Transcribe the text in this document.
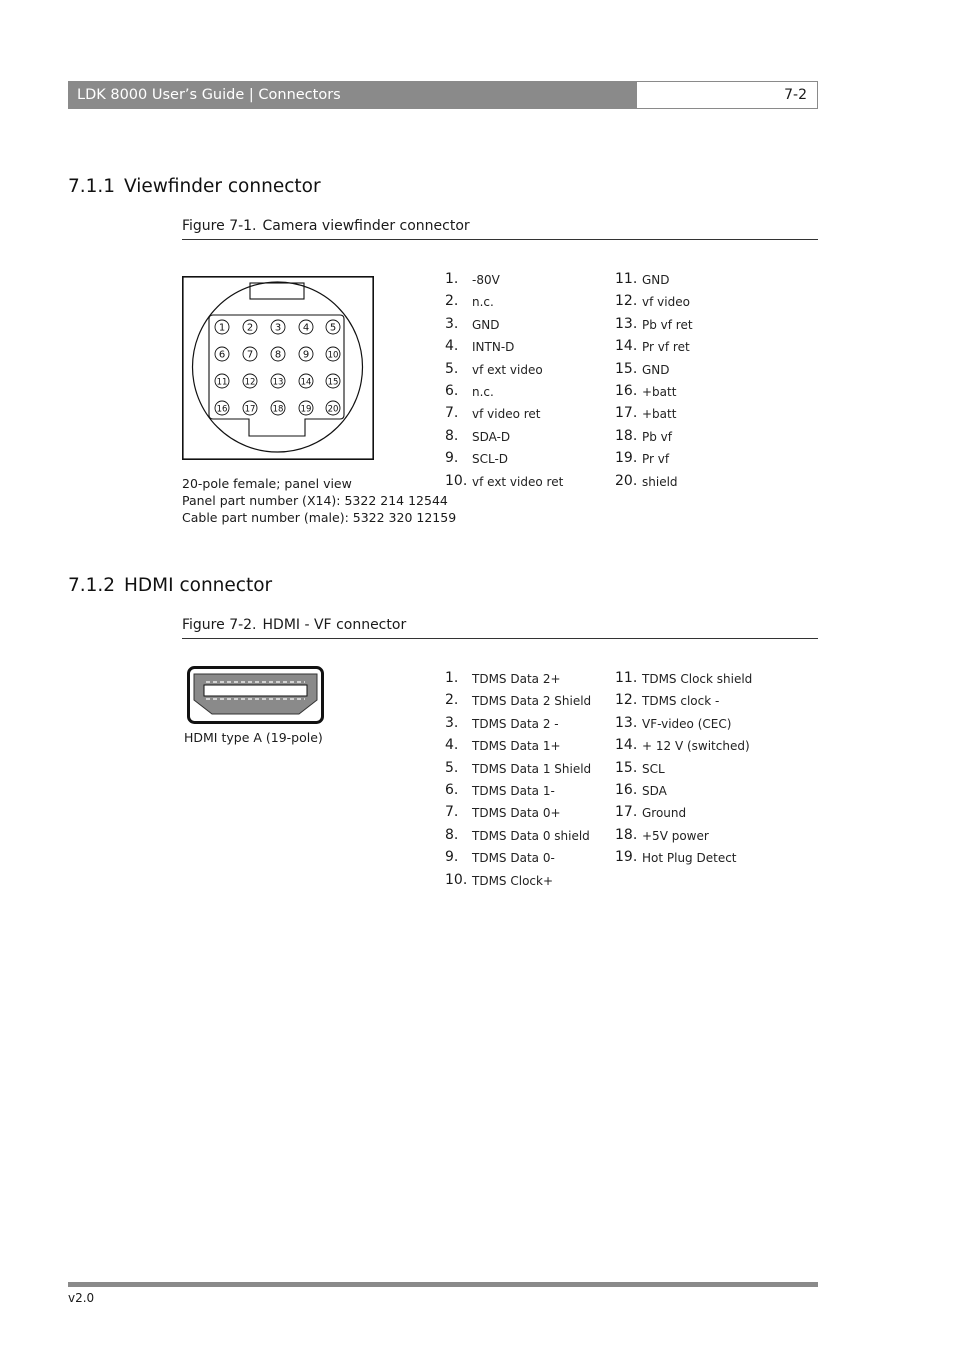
LDK 8000 User’s Guide | Connectors	7-2
7.1.1 Viewfinder connector
Figure 7-1. Camera viewfinder connector
1 2 3 4 5
6 7 8 9 10
11 12 13 14 15
16 17 18 19 20
20-pole female; panel view
Panel part number (X14): 5322 214 12544
Cable part number (male): 5322 320 12159
1. -80V
2. n.c.
3. GND
4. INTN-D
5. vf ext video
6. n.c.
7. vf video ret
8. SDA-D
9. SCL-D
10. vf ext video ret
11. GND
12. vf video
13. Pb vf ret
14. Pr vf ret
15. GND
16. +batt
17. +batt
18. Pb vf
19. Pr vf
20. shield
7.1.2 HDMI connector
Figure 7-2. HDMI - VF connector
HDMI type A (19-pole)
1. TDMS Data 2+
2. TDMS Data 2 Shield
3. TDMS Data 2 -
4. TDMS Data 1+
5. TDMS Data 1 Shield
6. TDMS Data 1-
7. TDMS Data 0+
8. TDMS Data 0 shield
9. TDMS Data 0-
10. TDMS Clock+
11. TDMS Clock shield
12. TDMS clock -
13. VF-video (CEC)
14. + 12 V (switched)
15. SCL
16. SDA
17. Ground
18. +5V power
19. Hot Plug Detect
v2.0
